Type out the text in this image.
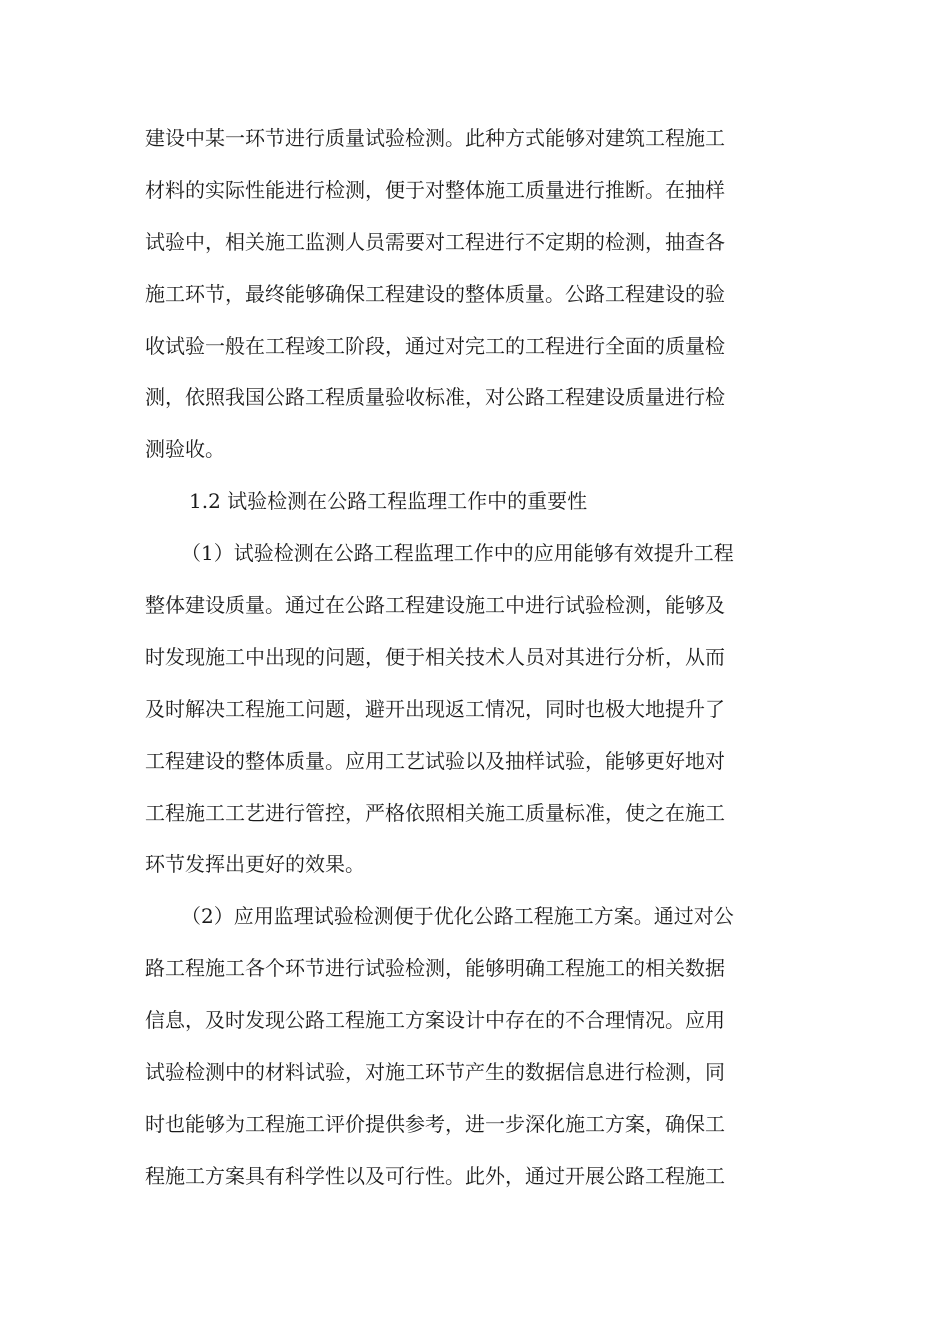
建设中某一环节进行质量试验检测。此种方式能够对建筑工程施工
材料的实际性能进行检测，便于对整体施工质量进行推断。在抽样
试验中，相关施工监测人员需要对工程进行不定期的检测，抽查各
施工环节，最终能够确保工程建设的整体质量。公路工程建设的验
收试验一般在工程竣工阶段，通过对完工的工程进行全面的质量检
测，依照我国公路工程质量验收标准，对公路工程建设质量进行检
测验收。
1.2 试验检测在公路工程监理工作中的重要性
（1）试验检测在公路工程监理工作中的应用能够有效提升工程
整体建设质量。通过在公路工程建设施工中进行试验检测，能够及
时发现施工中出现的问题，便于相关技术人员对其进行分析，从而
及时解决工程施工问题，避开出现返工情况，同时也极大地提升了
工程建设的整体质量。应用工艺试验以及抽样试验，能够更好地对
工程施工工艺进行管控，严格依照相关施工质量标准，使之在施工
环节发挥出更好的效果。
（2）应用监理试验检测便于优化公路工程施工方案。通过对公
路工程施工各个环节进行试验检测，能够明确工程施工的相关数据
信息，及时发现公路工程施工方案设计中存在的不合理情况。应用
试验检测中的材料试验，对施工环节产生的数据信息进行检测，同
时也能够为工程施工评价提供参考，进一步深化施工方案，确保工
程施工方案具有科学性以及可行性。此外，通过开展公路工程施工
